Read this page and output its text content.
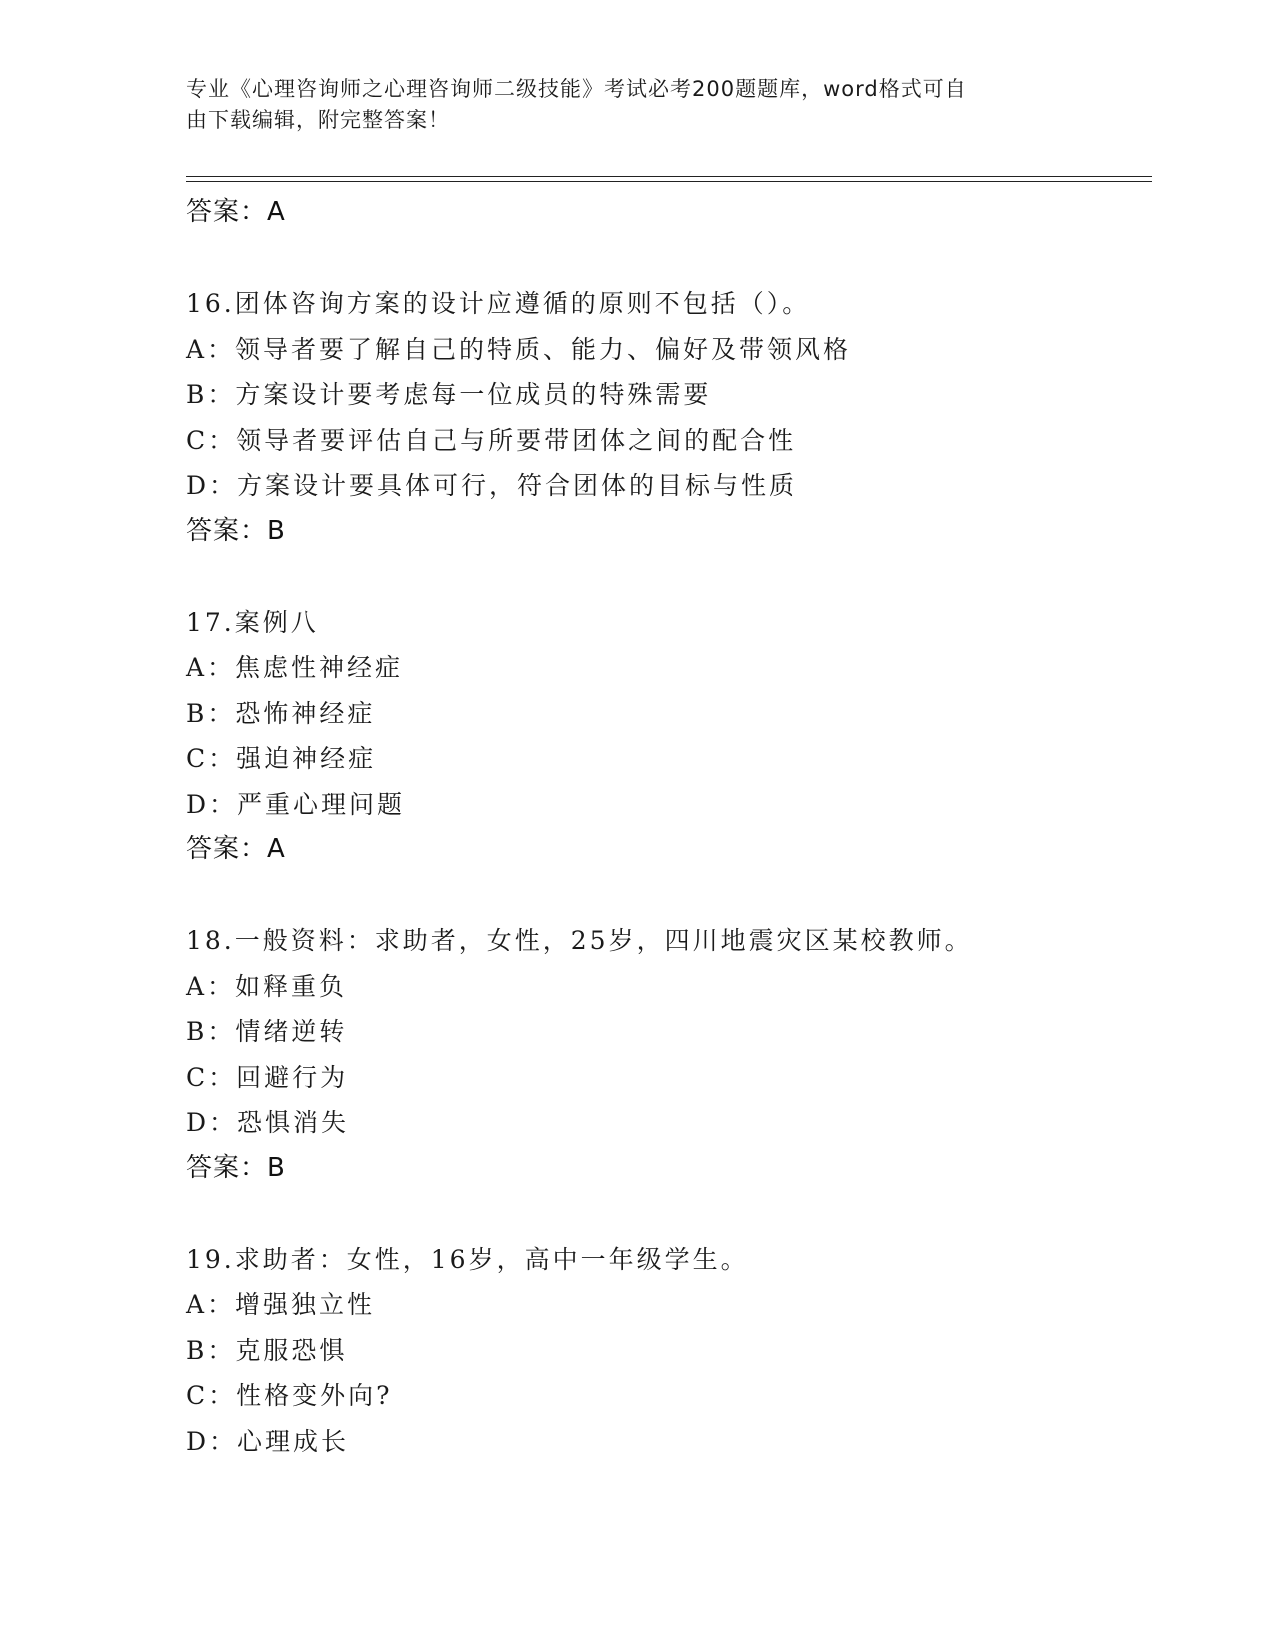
专业《心理咨询师之心理咨询师二级技能》考试必考200题题库，word格式可自
由下载编辑，附完整答案！
答案：A
16.团体咨询方案的设计应遵循的原则不包括（）。
A：领导者要了解自己的特质、能力、偏好及带领风格
B：方案设计要考虑每一位成员的特殊需要
C：领导者要评估自己与所要带团体之间的配合性
D：方案设计要具体可行，符合团体的目标与性质
答案：B
17.案例八
A：焦虑性神经症
B：恐怖神经症
C：强迫神经症
D：严重心理问题
答案：A
18.一般资料：求助者，女性，25岁，四川地震灾区某校教师。
A：如释重负
B：情绪逆转
C：回避行为
D：恐惧消失
答案：B
19.求助者：女性，16岁，高中一年级学生。
A：增强独立性
B：克服恐惧
C：性格变外向?
D：心理成长
